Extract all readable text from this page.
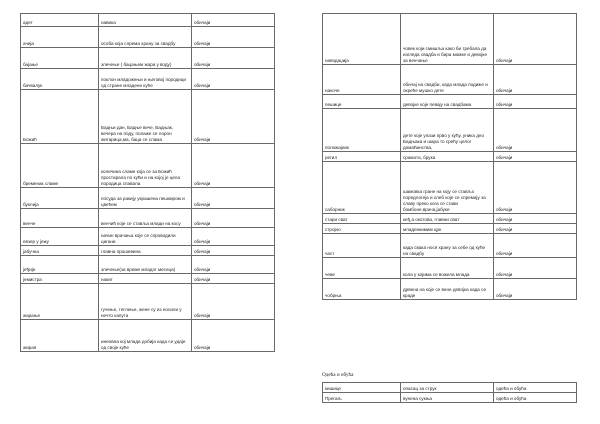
адет	навика	обичаји
ачија	особа која спрема храну за свадбу	обичаји
бајање	злечење ( бацањем жара у воду)	обичаји
бачвалук	поклон младожењи и његовој породици од стране младене куће	обичаји
Божић	Бадњи дан, Бадње вече, Бадњак, вечера на поду, полаже се лорон житарица,ма, баца се слама	обичаји
бременак сламе	количина сламе која се за Божић простирала по кући и на којој је цела породица спавала	обичаји
буклија	посуда за ракију украшена пешкиром и цвећем	обичаји
венче	венчић које се ставља млади на косу	обичаји
евзер у јежу	начин врачања које се спроводили цигани	обичаји
јабучна	главна прошевина	обичаји
јеђије	злечење(за време младог месеца)	обичаји
јемистра	накит	обичаји
жарање	гучење, теглење, жене су из носили у нечто капута	обичаји
жирая	инеовна кој млада добија када се удаје од своје куће	обичаји
наводаџија	човек који смишља како би требала да изгледа свадба и бира момке и девојке за венчање	обичаји
накоче	обичај на свадби, када млада подиже и окреће мушко дете	обичаји
пешице	девојке које певају на свадбама	обичаји
положајник	дете које улази прво у кућу, уника дно Бадњака и шара то срећу целог домаћинства,	обичаји
регил	срамота, брука	обичаји
саборник	шамовка гране на коју се стављх поредлогеја и хлеб које се спремају за славу преко кога се стави бомбоне,врача,јабуке	обичаји
стари сват	кеђ,а окотова, главни сват	обичаји
стројно	младенкимим црк	обичаји
част	када свака нося храну за себе од куће на свадбу	обичаји
чеве	кола у којима се вожела млада	обичаји
чобрња	дрвена на које се вене девојка када се краде	обичаји
Одећа и обућа
кишице	опасац за струк	одећа и обућа
Прегаљ	вунена сукња	одећа и обућа
